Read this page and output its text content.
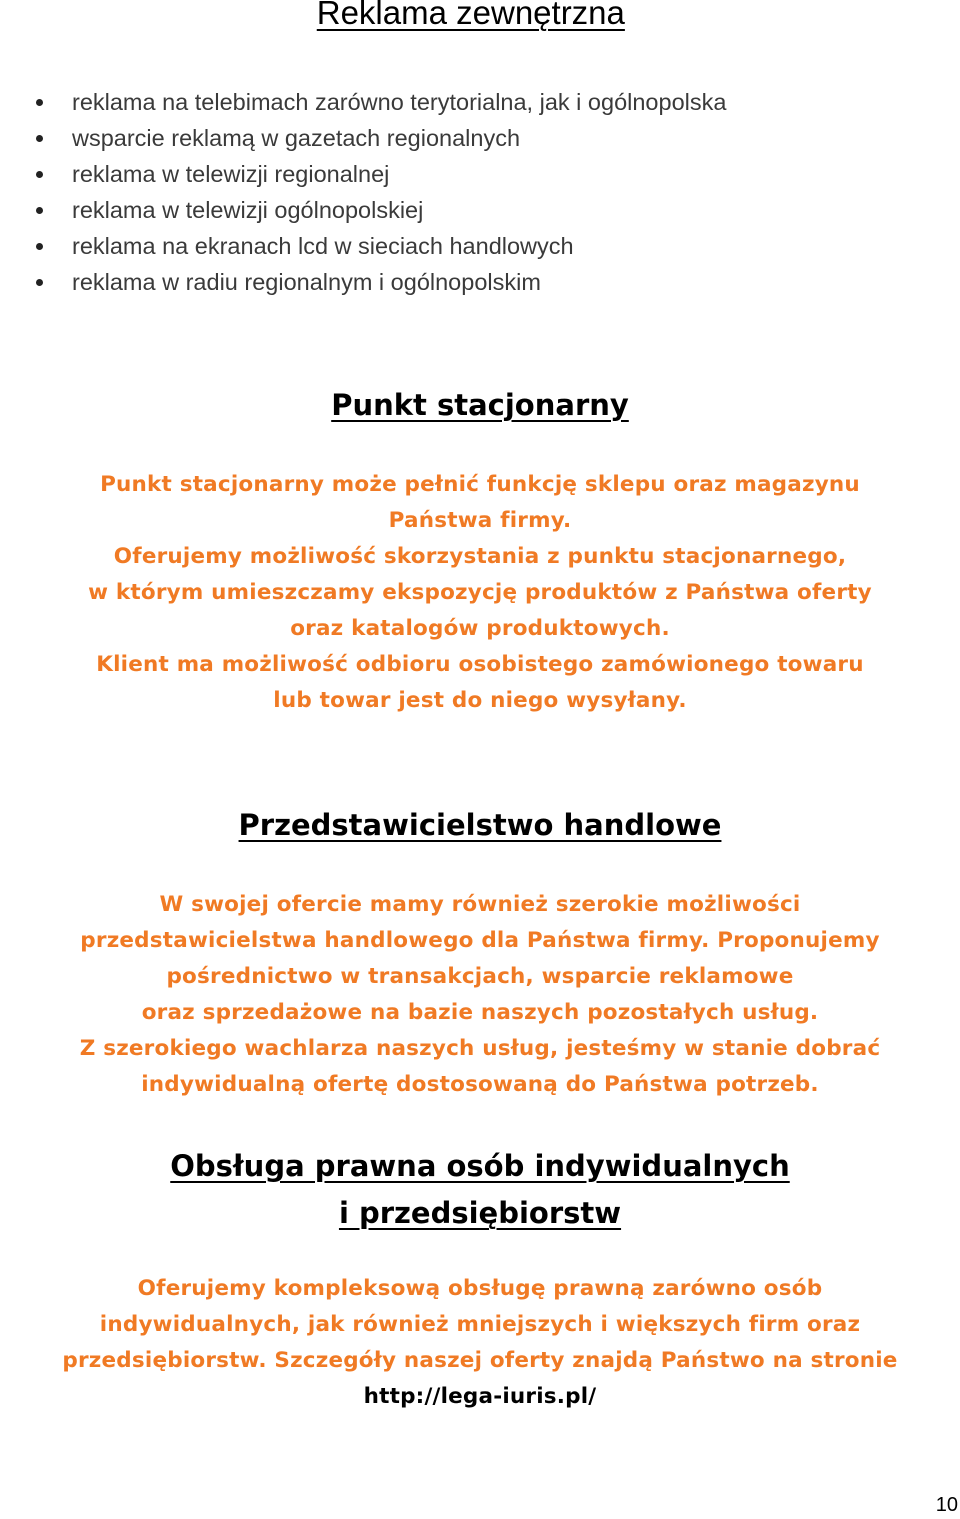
Reklama zewnętrzna
reklama na telebimach zarówno terytorialna, jak i ogólnopolska
wsparcie reklamą w gazetach regionalnych
reklama w telewizji regionalnej
reklama w telewizji ogólnopolskiej
reklama na ekranach lcd w sieciach handlowych
reklama w radiu regionalnym i ogólnopolskim
Punkt stacjonarny
Punkt stacjonarny może pełnić funkcję sklepu oraz magazynu
Państwa firmy.
Oferujemy możliwość skorzystania z punktu stacjonarnego,
w którym umieszczamy ekspozycję produktów z Państwa oferty
oraz katalogów produktowych.
Klient ma możliwość odbioru osobistego zamówionego towaru
lub towar jest do niego wysyłany.
Przedstawicielstwo handlowe
W swojej ofercie mamy również szerokie możliwości
przedstawicielstwa handlowego dla Państwa firmy. Proponujemy
pośrednictwo w transakcjach, wsparcie reklamowe
oraz sprzedażowe na bazie naszych pozostałych usług.
Z szerokiego wachlarza naszych usług, jesteśmy w stanie dobrać
indywidualną ofertę dostosowaną do Państwa potrzeb.
Obsługa prawna osób indywidualnych
i przedsiębiorstw
Oferujemy kompleksową obsługę prawną zarówno osób
indywidualnych, jak również mniejszych i większych firm oraz
przedsiębiorstw. Szczegóły naszej oferty znajdą Państwo na stronie
http://lega-iuris.pl/
10
